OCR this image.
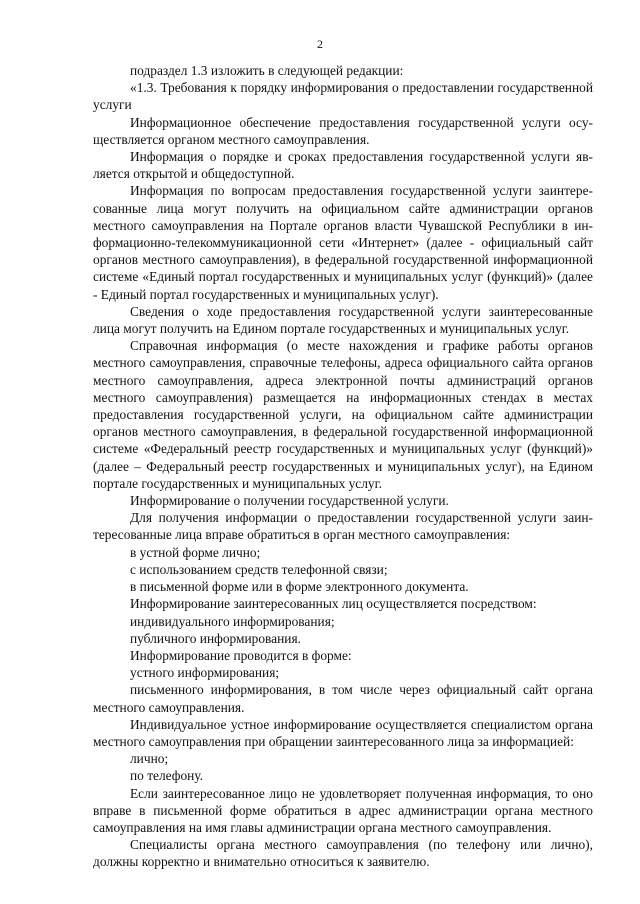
2

подраздел 1.3 изложить в следующей редакции:

«1.3. Требования к порядку информирования о предоставлении государственной услуги

Информационное обеспечение предоставления государственной услуги осуществляется органом местного самоуправления.

Информация о порядке и сроках предоставления государственной услуги является открытой и общедоступной.

Информация по вопросам предоставления государственной услуги заинтересованные лица могут получить на официальном сайте администрации органов местного самоуправления на Портале органов власти Чувашской Республики в информационно-телекоммуникационной сети «Интернет» (далее - официальный сайт органов местного самоуправления), в федеральной государственной информационной системе «Единый портал государственных и муниципальных услуг (функций)» (далее - Единый портал государственных и муниципальных услуг).

Сведения о ходе предоставления государственной услуги заинтересованные лица могут получить на Едином портале государственных и муниципальных услуг.

Справочная информация (о месте нахождения и графике работы органов местного самоуправления, справочные телефоны, адреса официального сайта органов местного самоуправления, адреса электронной почты администраций органов местного самоуправления) размещается на информационных стендах в местах предоставления государственной услуги, на официальном сайте администрации органов местного самоуправления, в федеральной государственной информационной системе «Федеральный реестр государственных и муниципальных услуг (функций)» (далее – Федеральный реестр государственных и муниципальных услуг), на Едином портале государственных и муниципальных услуг.

Информирование о получении государственной услуги.

Для получения информации о предоставлении государственной услуги заинтересованные лица вправе обратиться в орган местного самоуправления:

в устной форме лично;

с использованием средств телефонной связи;

в письменной форме или в форме электронного документа.

Информирование заинтересованных лиц осуществляется посредством:

индивидуального информирования;

публичного информирования.

Информирование проводится в форме:

устного информирования;

письменного информирования, в том числе через официальный сайт органа местного самоуправления.

Индивидуальное устное информирование осуществляется специалистом органа местного самоуправления при обращении заинтересованного лица за информацией:

лично;

по телефону.

Если заинтересованное лицо не удовлетворяет полученная информация, то оно вправе в письменной форме обратиться в адрес администрации органа местного самоуправления на имя главы администрации органа местного самоуправления.

Специалисты органа местного самоуправления (по телефону или лично), должны корректно и внимательно относиться к заявителю.
